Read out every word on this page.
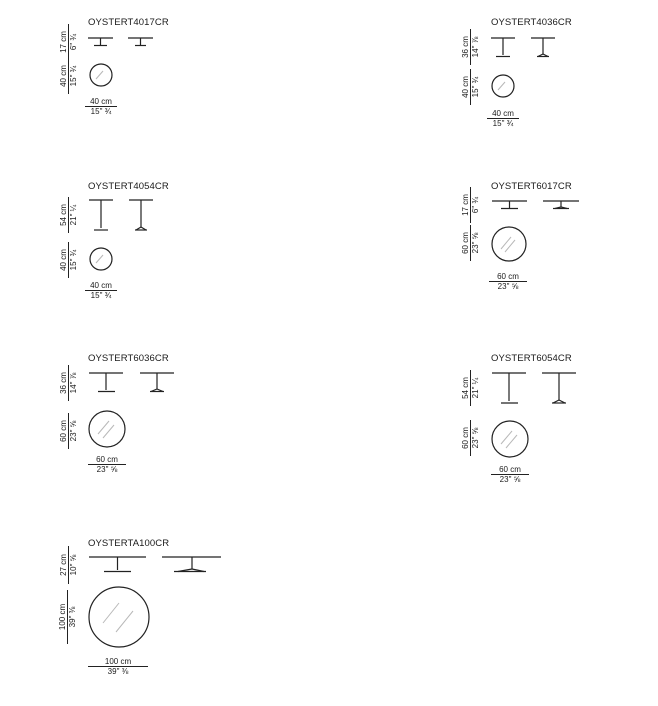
OYSTERT4017CR
17 cm 6" ¾
40 cm 15" ¾
40 cm
15" ¾
OYSTERT4036CR
36 cm 14" ⅞
40 cm 15" ¾
40 cm
15" ¾
OYSTERT4054CR
54 cm 21" ¼
40 cm 15" ¾
40 cm
15" ¾
OYSTERT6017CR
17 cm 6" ¾
60 cm 23" ⅝
60 cm
23" ⅝
OYSTERT6036CR
36 cm 14" ⅞
60 cm 23" ⅝
60 cm
23" ⅝
OYSTERT6054CR
54 cm 21" ¼
60 cm 23" ⅝
60 cm
23" ⅝
OYSTERTA100CR
27 cm 10" ⅝
100 cm 39" ⅜
100 cm
39" ⅜
